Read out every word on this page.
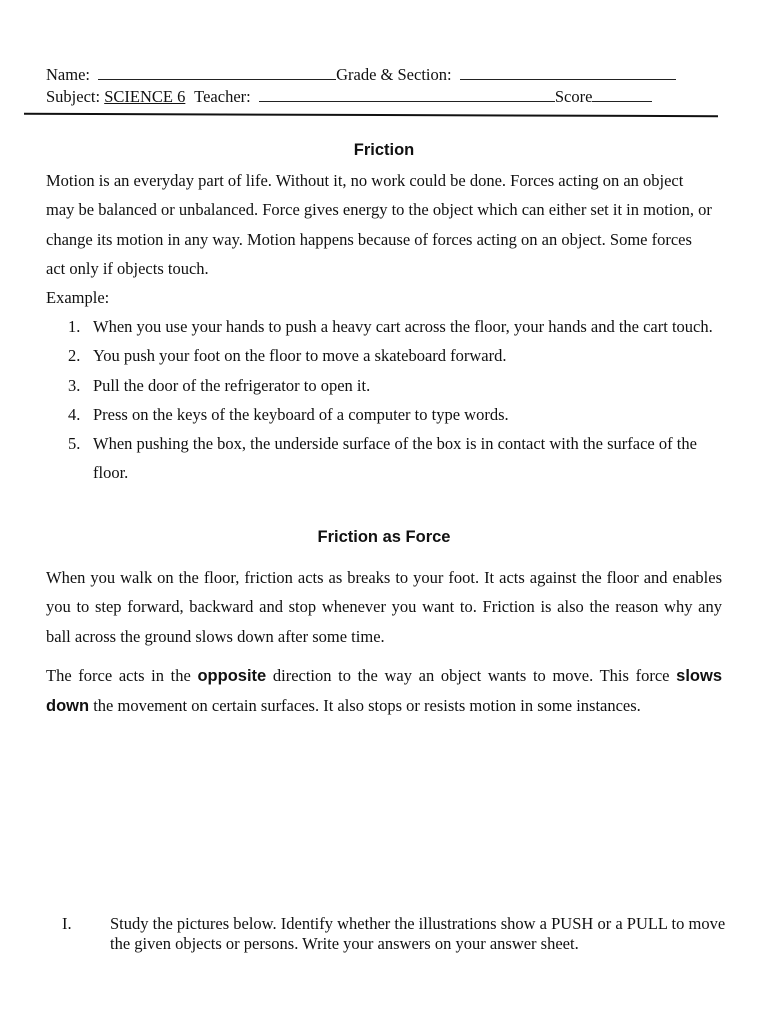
Name:	Grade & Section:
Subject: SCIENCE 6 Teacher:	Score
Friction

Motion is an everyday part of life. Without it, no work could be done. Forces acting on an object may be balanced or unbalanced. Force gives energy to the object which can either set it in motion, or change its motion in any way. Motion happens because of forces acting on an object. Some forces act only if objects touch.

Example:
1. When you use your hands to push a heavy cart across the floor, your hands and the cart touch.
2. You push your foot on the floor to move a skateboard forward.
3. Pull the door of the refrigerator to open it.
4. Press on the keys of the keyboard of a computer to type words.
5. When pushing the box, the underside surface of the box is in contact with the surface of the floor.
Friction as Force

When you walk on the floor, friction acts as breaks to your foot. It acts against the floor and enables you to step forward, backward and stop whenever you want to. Friction is also the reason why any ball across the ground slows down after some time.

The force acts in the opposite direction to the way an object wants to move. This force slows down the movement on certain surfaces. It also stops or resists motion in some instances.

I. Study the pictures below. Identify whether the illustrations show a PUSH or a PULL to move the given objects or persons. Write your answers on your answer sheet.
